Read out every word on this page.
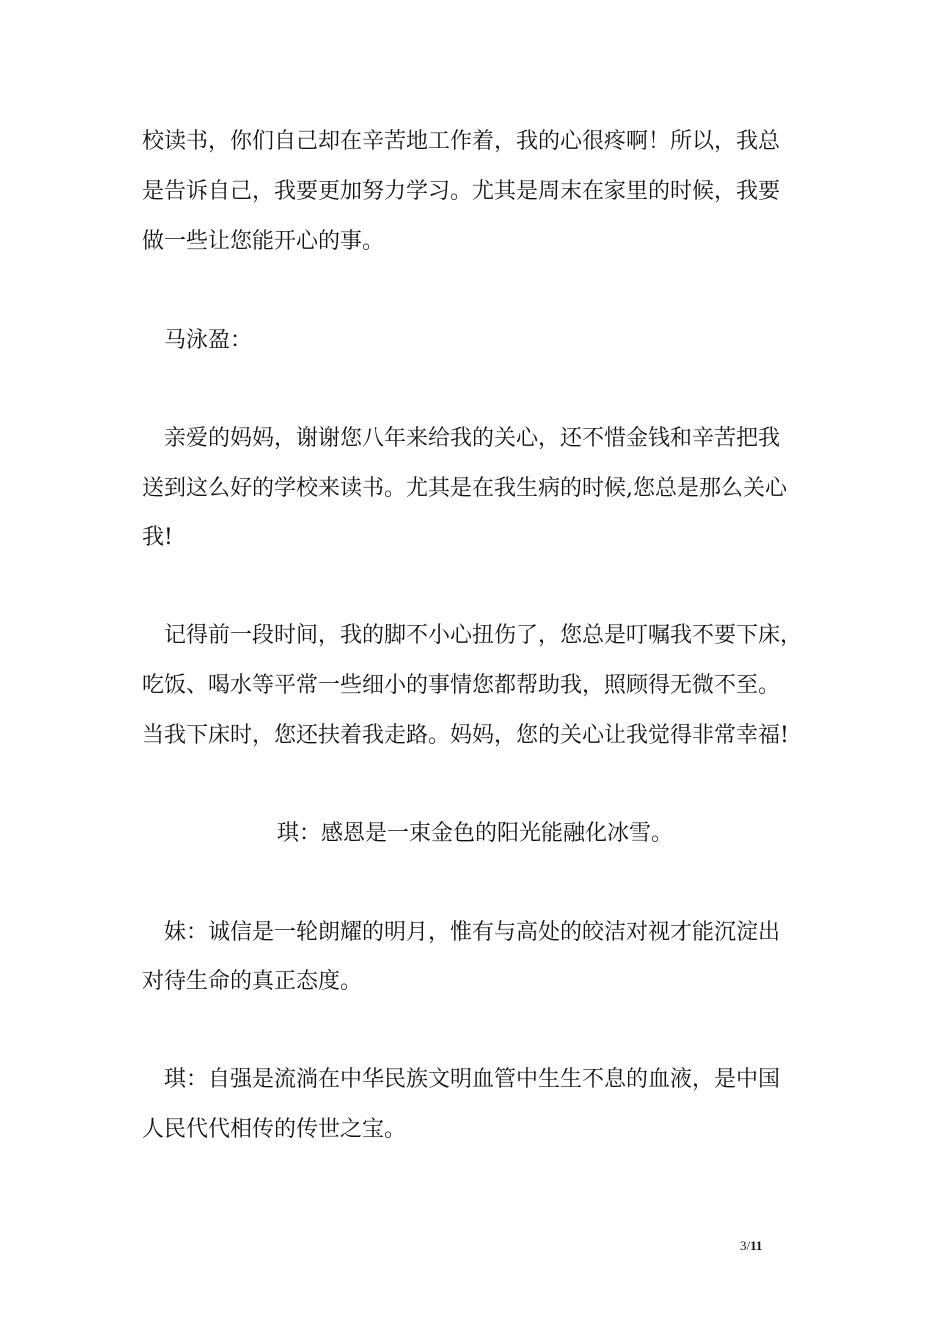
校读书，你们自己却在辛苦地工作着，我的心很疼啊！所以，我总
是告诉自己，我要更加努力学习。尤其是周末在家里的时候，我要
做一些让您能开心的事。
马泳盈：
亲爱的妈妈，谢谢您八年来给我的关心，还不惜金钱和辛苦把我
送到这么好的学校来读书。尤其是在我生病的时候,您总是那么关心
我!
记得前一段时间，我的脚不小心扭伤了，您总是叮嘱我不要下床，
吃饭、喝水等平常一些细小的事情您都帮助我，照顾得无微不至。
当我下床时，您还扶着我走路。妈妈，您的关心让我觉得非常幸福!
琪：感恩是一束金色的阳光能融化冰雪。
妹：诚信是一轮朗耀的明月，惟有与高处的皎洁对视才能沉淀出
对待生命的真正态度。
琪：自强是流淌在中华民族文明血管中生生不息的血液，是中国
人民代代相传的传世之宝。
3/11
